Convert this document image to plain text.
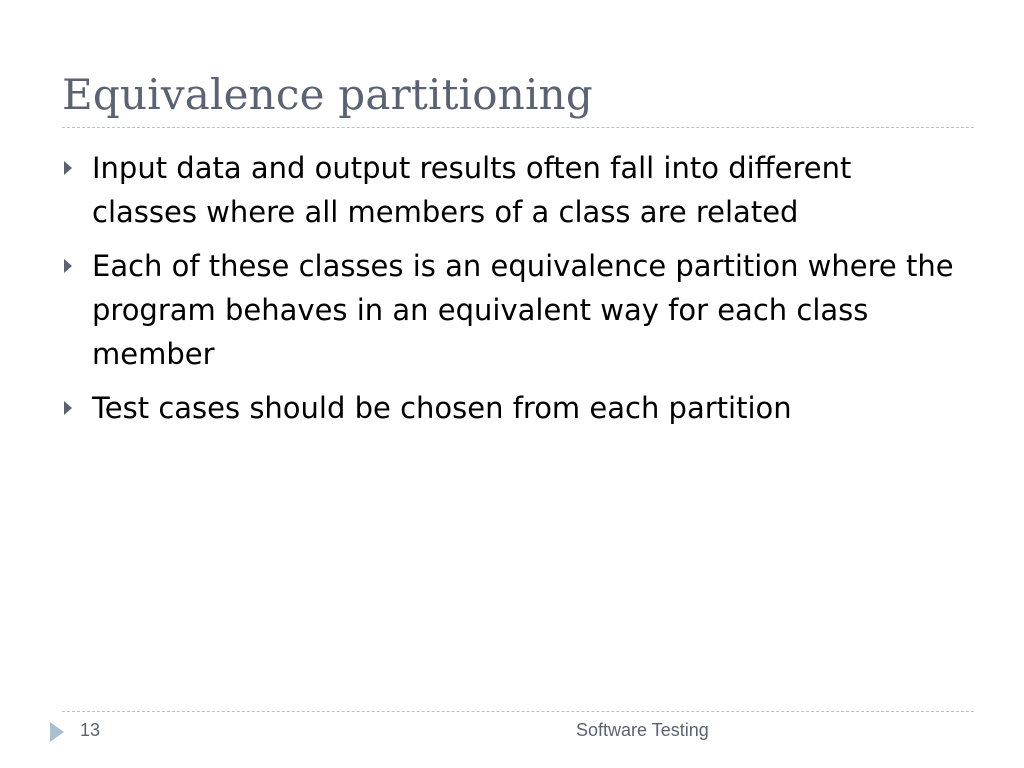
Equivalence partitioning
Input data and output results often fall into different classes where all members of a class are related
Each of these classes is an equivalence partition where the program behaves in an equivalent way for each class member
Test cases should be chosen from each partition
13	Software Testing
